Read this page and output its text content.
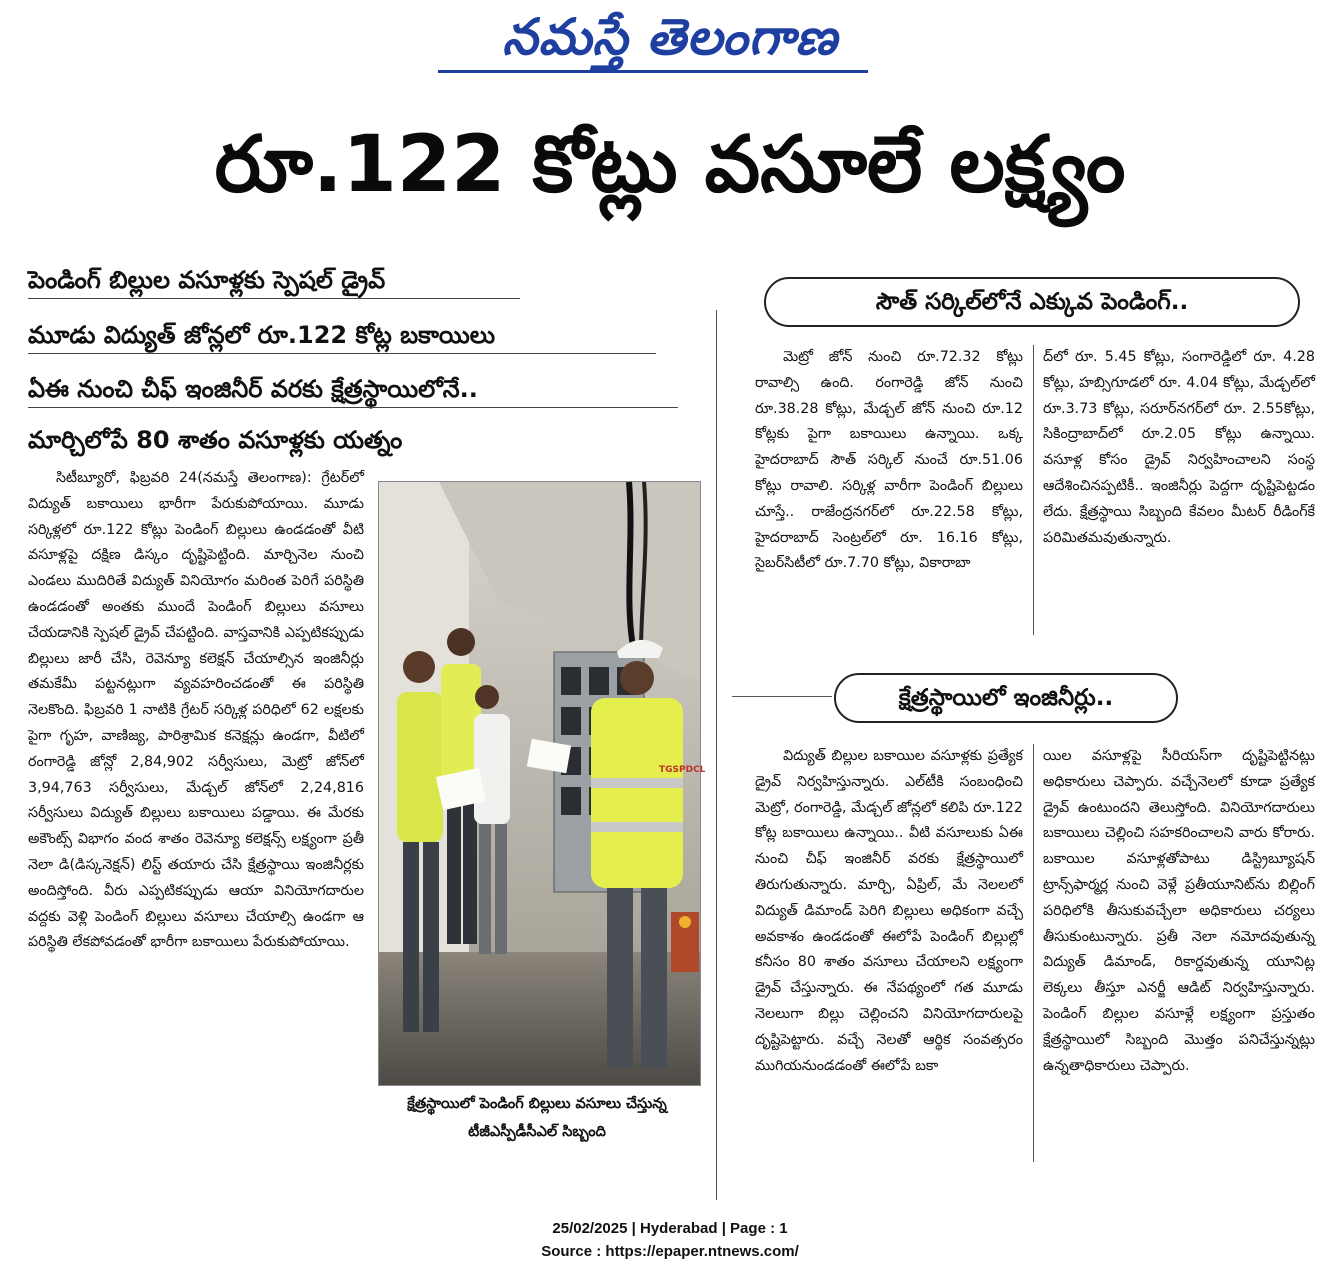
నమస్తే తెలంగాణ
రూ.122 కోట్లు వసూలే లక్ష్యం
పెండింగ్ బిల్లుల వసూళ్లకు స్పెషల్ డ్రైవ్
మూడు విద్యుత్ జోన్లలో రూ.122 కోట్ల బకాయిలు
ఏఈ నుంచి చీఫ్ ఇంజినీర్ వరకు క్షేత్రస్థాయిలోనే..
మార్చిలోపే 80 శాతం వసూళ్లకు యత్నం

సిటీబ్యూరో, ఫిబ్రవరి 24(నమస్తే తెలంగాణ): గ్రేటర్‌లో విద్యుత్ బకాయిలు భారీగా పేరుకుపోయాయి. మూడు సర్కిళ్లలో రూ.122 కోట్లు పెండింగ్ బిల్లులు ఉండడంతో వీటి వసూళ్లపై దక్షిణ డిస్కం దృష్టిపెట్టింది. మార్చినెల నుంచి ఎండలు ముదిరితే విద్యుత్ వినియోగం మరింత పెరిగే పరిస్థితి ఉండడంతో అంతకు ముందే పెండింగ్ బిల్లులు వసూలు చేయడానికి స్పెషల్ డ్రైవ్ చేపట్టింది. వాస్తవానికి ఎప్పటికప్పుడు బిల్లులు జారీ చేసి, రెవెన్యూ కలెక్షన్ చేయాల్సిన ఇంజినీర్లు తమకేమీ పట్టనట్లుగా వ్యవహరించడంతో ఈ పరిస్థితి నెలకొంది. ఫిబ్రవరి 1 నాటికి గ్రేటర్ సర్కిళ్ల పరిధిలో 62 లక్షలకు పైగా గృహ, వాణిజ్య, పారిశ్రామిక కనెక్షన్లు ఉండగా, వీటిలో రంగారెడ్డి జోన్లో 2,84,902 సర్వీసులు, మెట్రో జోన్‌లో 3,94,763 సర్వీసులు, మేడ్చల్ జోన్‌లో 2,24,816 సర్వీసులు విద్యుత్ బిల్లులు బకాయిలు పడ్డాయి. ఈ మేరకు అకౌంట్స్ విభాగం వంద శాతం రెవెన్యూ కలెక్షన్స్ లక్ష్యంగా ప్రతీ నెలా డి(డిస్కనెక్షన్) లిస్ట్ తయారు చేసి క్షేత్రస్థాయి ఇంజినీర్లకు అందిస్తోంది. వీరు ఎప్పటికప్పుడు ఆయా వినియోగదారుల వద్దకు వెళ్లి పెండింగ్ బిల్లులు వసూలు చేయాల్సి ఉండగా ఆ పరిస్థితి లేకపోవడంతో భారీగా బకాయిలు పేరుకుపోయాయి.

TGSPDCL
క్షేత్రస్థాయిలో పెండింగ్ బిల్లులు వసూలు చేస్తున్న టీజీఎస్పీడీసీఎల్ సిబ్బంది
సౌత్ సర్కిల్‌లోనే ఎక్కువ పెండింగ్..

మెట్రో జోన్ నుంచి రూ.72.32 కోట్లు రావాల్సి ఉంది. రంగారెడ్డి జోన్ నుంచి రూ.38.28 కోట్లు, మేడ్చల్ జోన్ నుంచి రూ.12 కోట్లకు పైగా బకాయిలు ఉన్నాయి. ఒక్క హైదరాబాద్ సౌత్ సర్కిల్ నుంచే రూ.51.06 కోట్లు రావాలి. సర్కిళ్ల వారీగా పెండింగ్ బిల్లులు చూస్తే.. రాజేంద్రనగర్‌లో రూ.22.58 కోట్లు, హైదరాబాద్ సెంట్రల్‌లో రూ. 16.16 కోట్లు, సైబర్‌సిటీలో రూ.7.70 కోట్లు, వికారాబా

ద్‌లో రూ. 5.45 కోట్లు, సంగారెడ్డిలో రూ. 4.28 కోట్లు, హబ్సిగూడలో రూ. 4.04 కోట్లు, మేడ్చల్‌లో రూ.3.73 కోట్లు, సరూర్‌నగర్‌లో రూ. 2.55కోట్లు, సికింద్రాబాద్‌లో రూ.2.05 కోట్లు ఉన్నాయి. వసూళ్ల కోసం డ్రైవ్ నిర్వహించాలని సంస్థ ఆదేశించినప్పటికీ.. ఇంజినీర్లు పెద్దగా దృష్టిపెట్టడం లేదు. క్షేత్రస్థాయి సిబ్బంది కేవలం మీటర్ రీడింగ్‌కే పరిమితమవుతున్నారు.

క్షేత్రస్థాయిలో ఇంజినీర్లు..

విద్యుత్ బిల్లుల బకాయిల వసూళ్లకు ప్రత్యేక డ్రైవ్ నిర్వహిస్తున్నారు. ఎల్‌టీకి సంబంధించి మెట్రో, రంగారెడ్డి, మేడ్చల్ జోన్లలో కలిపి రూ.122 కోట్ల బకాయిలు ఉన్నాయి.. వీటి వసూలుకు ఏఈ నుంచి చీఫ్ ఇంజినీర్ వరకు క్షేత్రస్థాయిలో తిరుగుతున్నారు. మార్చి, ఏప్రిల్, మే నెలలలో విద్యుత్ డిమాండ్ పెరిగి బిల్లులు అధికంగా వచ్చే అవకాశం ఉండడంతో ఈలోపే పెండింగ్ బిల్లుల్లో కనీసం 80 శాతం వసూలు చేయాలని లక్ష్యంగా డ్రైవ్ చేస్తున్నారు. ఈ నేపథ్యంలో గత మూడు నెలలుగా బిల్లు చెల్లించని వినియోగదారులపై దృష్టిపెట్టారు. వచ్చే నెలతో ఆర్థిక సంవత్సరం ముగియనుండడంతో ఈలోపే బకా

యిల వసూళ్లపై సీరియస్‌గా దృష్టిపెట్టినట్లు అధికారులు చెప్పారు. వచ్చేనెలలో కూడా ప్రత్యేక డ్రైవ్ ఉంటుందని తెలుస్తోంది. వినియోగదారులు బకాయిలు చెల్లించి సహకరించాలని వారు కోరారు. బకాయిల వసూళ్లతోపాటు డిస్ట్రిబ్యూషన్ ట్రాన్స్‌ఫార్మర్ల నుంచి వెళ్లే ప్రతీయూనిట్‌ను బిల్లింగ్ పరిధిలోకి తీసుకువచ్చేలా అధికారులు చర్యలు తీసుకుంటున్నారు. ప్రతీ నెలా నమోదవుతున్న విద్యుత్ డిమాండ్, రికార్డవుతున్న యూనిట్ల లెక్కలు తీస్తూ ఎనర్జీ ఆడిట్ నిర్వహిస్తున్నారు. పెండింగ్ బిల్లుల వసూళ్లే లక్ష్యంగా ప్రస్తుతం క్షేత్రస్థాయిలో సిబ్బంది మొత్తం పనిచేస్తున్నట్లు ఉన్నతాధికారులు చెప్పారు.

25/02/2025 | Hyderabad | Page : 1
Source : https://epaper.ntnews.com/
